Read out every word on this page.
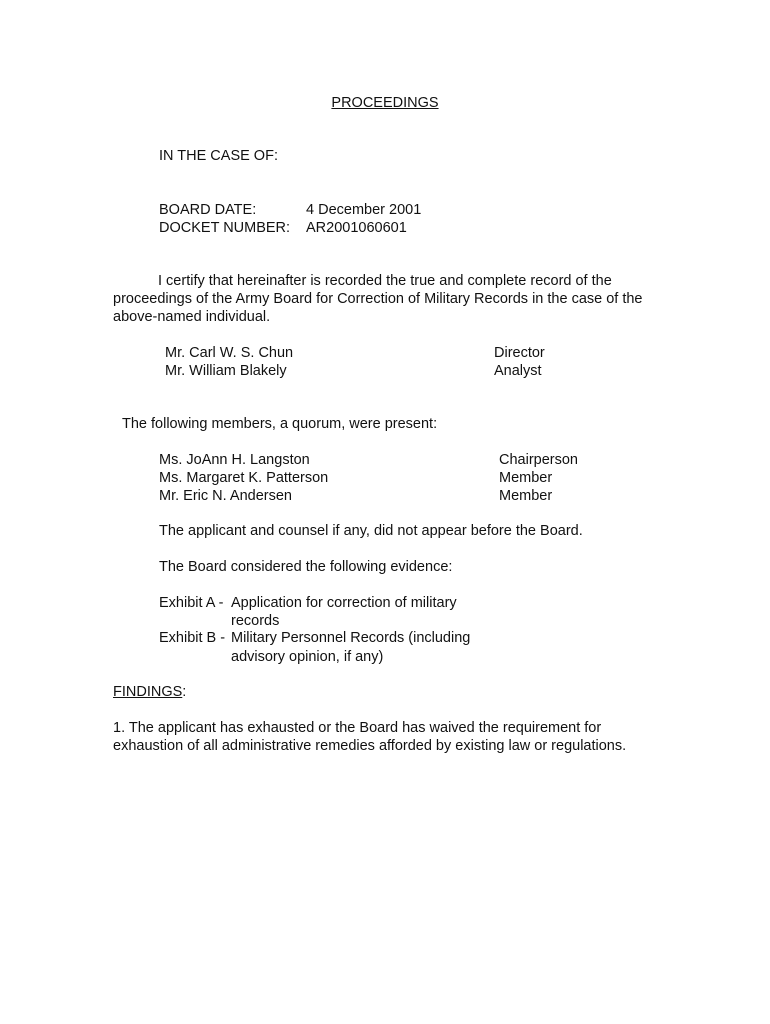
PROCEEDINGS
IN THE CASE OF:
BOARD DATE:	4 December 2001
DOCKET NUMBER: AR2001060601
I certify that hereinafter is recorded the true and complete record of the
proceedings of the Army Board for Correction of Military Records in the case of the above-named individual.
Mr. Carl W. S. Chun	Director
Mr. William Blakely	Analyst
The following members, a quorum, were present:
Ms. JoAnn H. Langston	Chairperson
Ms. Margaret K. Patterson	Member
Mr. Eric N. Andersen	Member
The applicant and counsel if any, did not appear before the Board.
The Board considered the following evidence:
Exhibit A - Application for correction of military
records
Exhibit B - Military Personnel Records (including
advisory opinion, if any)
FINDINGS:
1. The applicant has exhausted or the Board has waived the requirement for exhaustion of all administrative remedies afforded by existing law or regulations.
